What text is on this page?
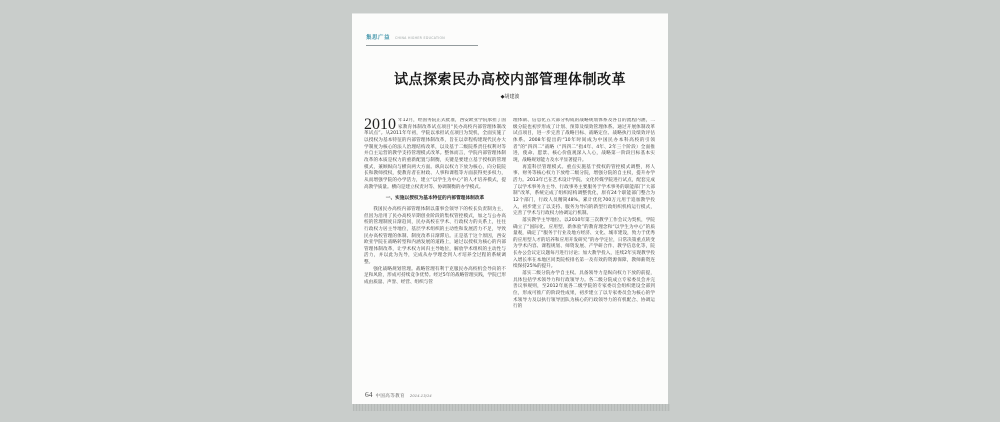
集思广益 CHINA HIGHER EDUCATION
试点探索民办高校内部管理体制改革
◆胡建波

2010 年12月，经国务院正式批准，西安欧亚学院承担了国家教育体制改革试点项目“民办高校内部管理体制改革试点”。从2011年年初，学院以承担试点项目为契机，全面实施了以授权为基本特征的内部管理体制改革，旨在以章程构建现代民办大学制度为核心的法人治理结构改革，以及基于二级院系责任权利对等并自主运营的教学支持管理模式改革。整体而言，学院内部管理体制改革的本质是权力的重新配置与制衡，关键是要建立基于授权的管理模式，兼顾纵向与横向两大方面。纵向以权力下放为核心，向分院院长和教师授权，使教育者在财政、人事和课程等方面获得更多权力，从而增强学院的办学活力，建立“以学生为中心”的人才培养模式，提高教学质量。横向是建立权责对等、协调制衡的办学模式。

一、实施以授权为基本特征的内部管理体制改革

我国民办高校内部管理体制以董事会领导下的校长负责制为主，但因为沿用了民办高校早期创业阶段的集权管控模式，加之与公办高校的管理制度日渐趋同，民办高校在学术、行政权力的关系上，往往行政权力居主导地位，基层学术组织的主动性和发展活力不足，导致民办高校管理的体制、制度改革日渐滞后。正是基于这个原因，西安欧亚学院在战略转型和内涵发展的道路上，通过以授权为核心的内部管理体制改革，让学术权力回归主导地位，解放学术组织的主动性与活力，并以此为先导，完成从办学理念到人才培养全过程的系统调整。

强化战略规划管理。战略管理有利于克服民办高校机会导向的不足和风险，形成可持续竞争优势。经过5年的战略管理实践，学院已形成由质量、声誉、经营、组织与管

理体制、信息化五大部分构成的战略规划体系及各自的流程内涵，二级分院也初步形成了计划、预算及绩效管理体系。通过开展体制改革试点项目，进一步完善了战略目标、战略定位、战略执行及绩效评估体系。2008年提出的“10年时间成为中国民办本科高校的引领者”的“四四二”战略（“四四二”指4年、4年、2年三个阶段）全面推进，使命、愿景、核心价值观深入人心，战略第一阶段目标基本实现，战略规划能力及水平显著提升。

再造科层管理模式。重点实施基于授权的管控模式调整，将人事、财务等核心权力下放给二级分院，增强分院的自主权，提升办学活力。2013年已在艺术设计学院、文化传媒学院进行试点，配套完成了以学术事务为主导、行政事务主要服务于学术事务的职能部门“大部制”改革，系统完成了组织结构调整优化，原有24个职能部门整合为12个部门，行政人员精简48%，累计优化700万元用于追加教学投入，初步建立了以支持、服务为导向的新型行政组织机构运行模式，完善了学术与行政权力协调运行机制。

落实教学主导地位。以2010年第三次教学工作会议为契机，学院确立了“国际化、应用型、新体验”的教育理念和“以学生为中心”的质量观，确定了“服务于行业及地方经济、文化、城市建设，致力于优秀的应用型人才的培养和应用开发研究”的办学定位，日常决策重点转变为学术内容、课程规划、师资发展、产学研合作、教学信息化等，院长办公会议定议题每月进行讨论；加大教学投入，连续2年实现教学投入增长率在本地区同类院校排名第一及有效的资源保障，教师薪资连续保持25%的提升。

落实二级分院办学自主权。具备领导力是纵向权力下放的前提，具体包括学术领导力和行政领导力。各二级分院成立专家委员会并完善议事规则，至2012年底各二级学院的专家委员会组织建设全部到位，形成可推广的阶段性成果，初步建立了以专家委员会为核心的学术领导力及以执行领导团队为核心的行政领导力的有机配合、协调运行的

64 中国高等教育 2014.13/14
